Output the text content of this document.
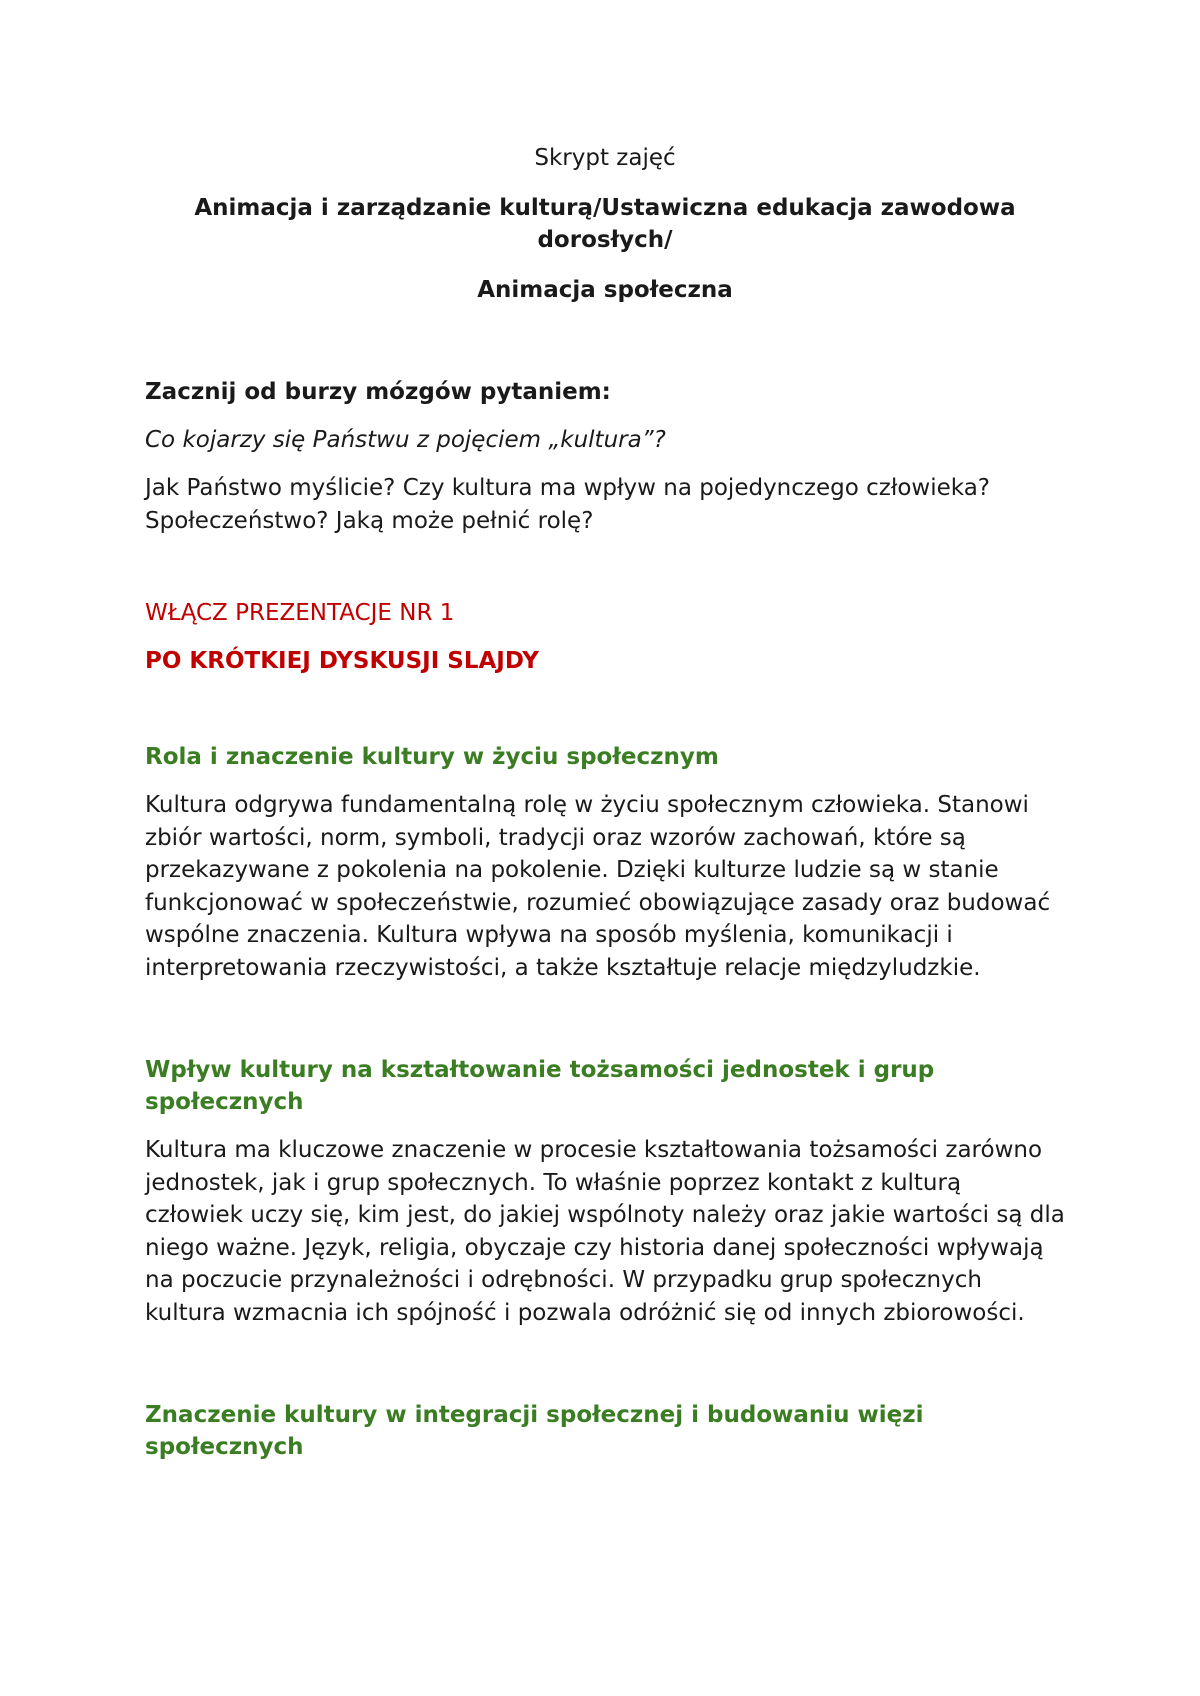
Skrypt zajęć
Animacja i zarządzanie kulturą/Ustawiczna edukacja zawodowa dorosłych/
Animacja społeczna
Zacznij od burzy mózgów pytaniem:
Co kojarzy się Państwu z pojęciem „kultura”?

Jak Państwo myślicie? Czy kultura ma wpływ na pojedynczego człowieka? Społeczeństwo? Jaką może pełnić rolę?

WŁĄCZ PREZENTACJE NR 1
PO KRÓTKIEJ DYSKUSJI SLAJDY
Rola i znaczenie kultury w życiu społecznym

Kultura odgrywa fundamentalną rolę w życiu społecznym człowieka. Stanowi zbiór wartości, norm, symboli, tradycji oraz wzorów zachowań, które są przekazywane z pokolenia na pokolenie. Dzięki kulturze ludzie są w stanie funkcjonować w społeczeństwie, rozumieć obowiązujące zasady oraz budować wspólne znaczenia. Kultura wpływa na sposób myślenia, komunikacji i interpretowania rzeczywistości, a także kształtuje relacje międzyludzkie.

Wpływ kultury na kształtowanie tożsamości jednostek i grup społecznych

Kultura ma kluczowe znaczenie w procesie kształtowania tożsamości zarówno jednostek, jak i grup społecznych. To właśnie poprzez kontakt z kulturą człowiek uczy się, kim jest, do jakiej wspólnoty należy oraz jakie wartości są dla niego ważne. Język, religia, obyczaje czy historia danej społeczności wpływają na poczucie przynależności i odrębności. W przypadku grup społecznych kultura wzmacnia ich spójność i pozwala odróżnić się od innych zbiorowości.

Znaczenie kultury w integracji społecznej i budowaniu więzi społecznych
